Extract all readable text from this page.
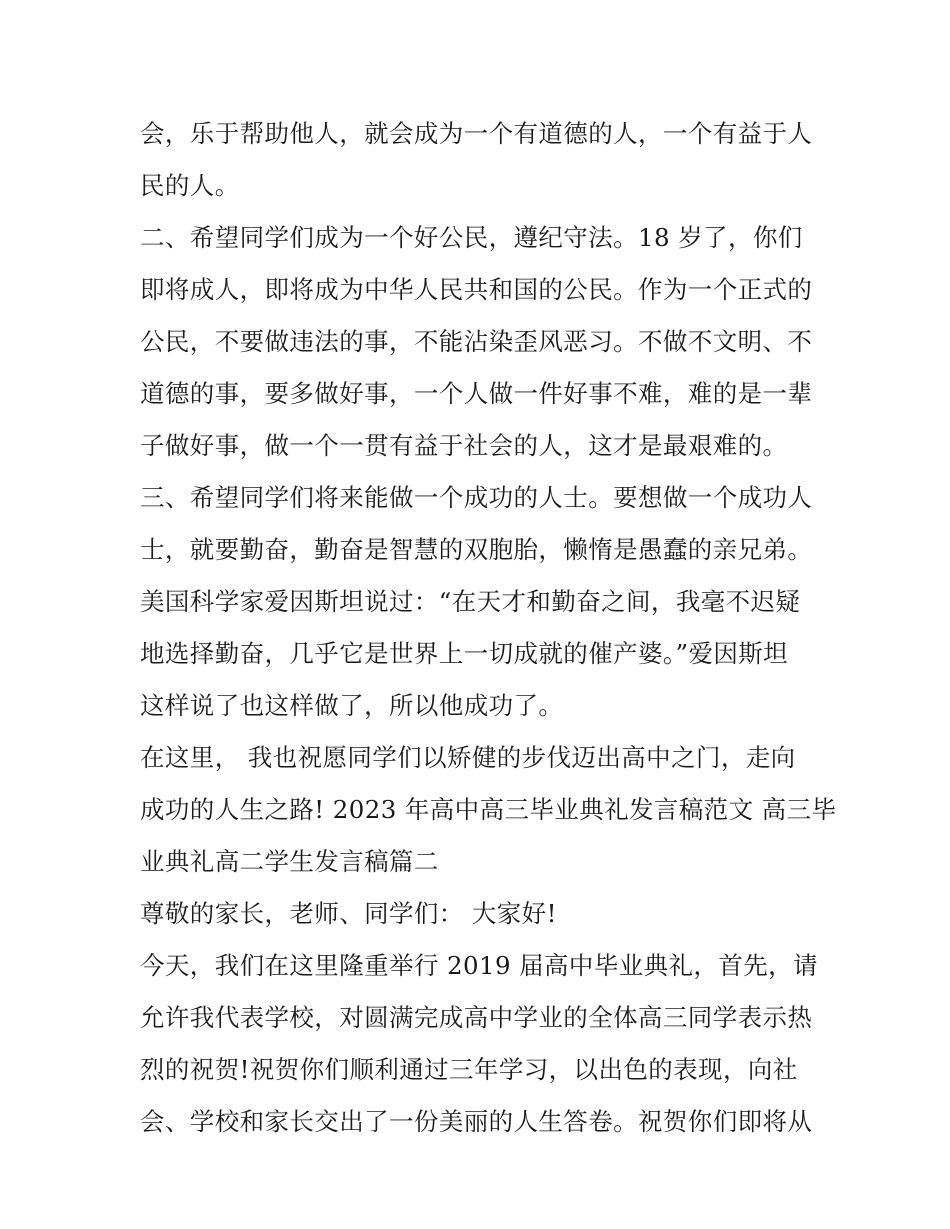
会，乐于帮助他人，就会成为一个有道德的人，一个有益于人
民的人。
二、希望同学们成为一个好公民，遵纪守法。18 岁了，你们
即将成人，即将成为中华人民共和国的公民。作为一个正式的
公民，不要做违法的事，不能沾染歪风恶习。不做不文明、不
道德的事，要多做好事，一个人做一件好事不难，难的是一辈
子做好事，做一个一贯有益于社会的人，这才是最艰难的。
三、希望同学们将来能做一个成功的人士。要想做一个成功人
士，就要勤奋，勤奋是智慧的双胞胎，懒惰是愚蠢的亲兄弟。
美国科学家爱因斯坦说过：“在天才和勤奋之间，我毫不迟疑
地选择勤奋，几乎它是世界上一切成就的催产婆。”爱因斯坦
这样说了也这样做了，所以他成功了。
在这里， 我也祝愿同学们以矫健的步伐迈出高中之门，走向
成功的人生之路! 2023 年高中高三毕业典礼发言稿范文 高三毕
业典礼高二学生发言稿篇二
尊敬的家长，老师、同学们： 大家好!
今天，我们在这里隆重举行 2019 届高中毕业典礼，首先，请
允许我代表学校，对圆满完成高中学业的全体高三同学表示热
烈的祝贺!祝贺你们顺利通过三年学习，以出色的表现，向社
会、学校和家长交出了一份美丽的人生答卷。祝贺你们即将从
